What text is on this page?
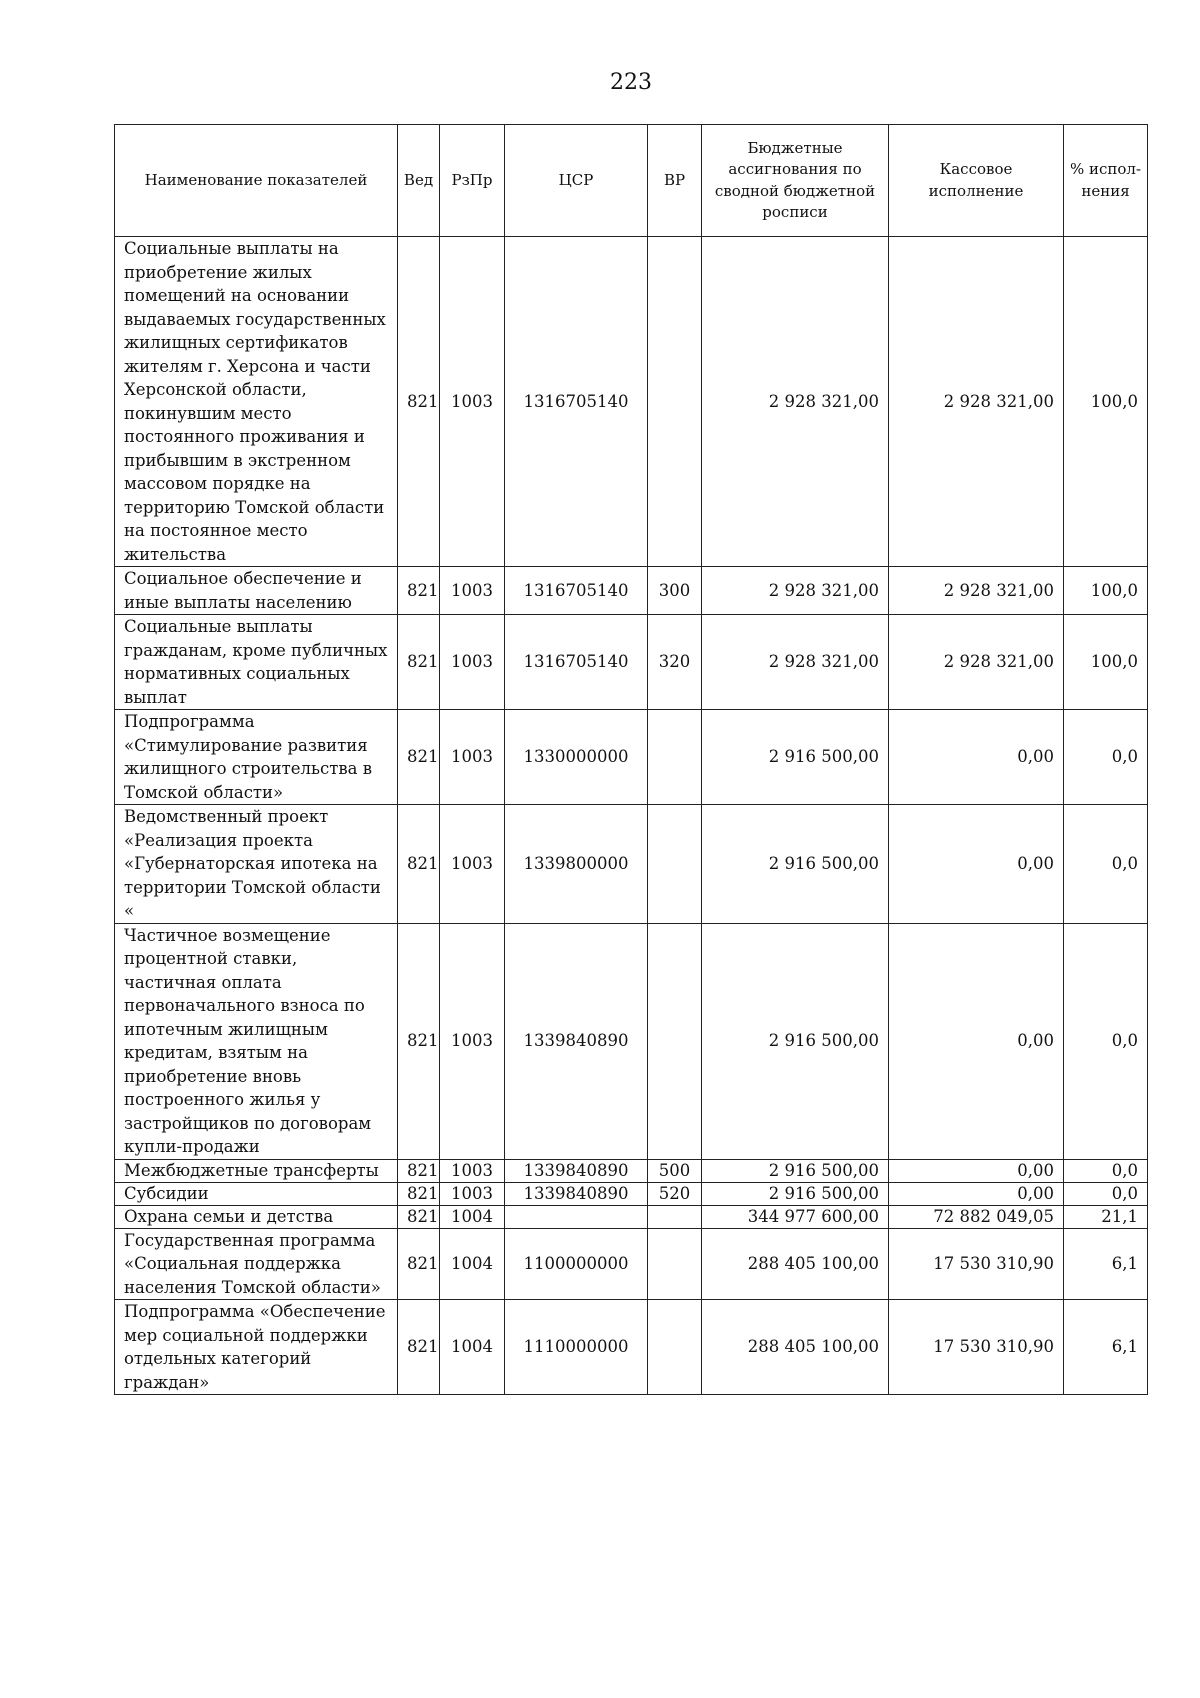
223
Наименование показателей	Вед	РзПр	ЦСР	ВР	Бюджетные ассигнования по сводной бюджетной росписи	Кассовое исполнение	% испол-нения
Социальные выплаты на приобретение жилых помещений на основании выдаваемых государственных жилищных сертификатов жителям г. Херсона и части Херсонской области, покинувшим место постоянного проживания и прибывшим в экстренном массовом порядке на территорию Томской области на постоянное место жительства	821	1003	1316705140		2 928 321,00	2 928 321,00	100,0
Социальное обеспечение и иные выплаты населению	821	1003	1316705140	300	2 928 321,00	2 928 321,00	100,0
Социальные выплаты гражданам, кроме публичных нормативных социальных выплат	821	1003	1316705140	320	2 928 321,00	2 928 321,00	100,0
Подпрограмма «Стимулирование развития жилищного строительства в Томской области»	821	1003	1330000000		2 916 500,00	0,00	0,0
Ведомственный проект «Реализация проекта «Губернаторская ипотека на территории Томской области «	821	1003	1339800000		2 916 500,00	0,00	0,0
Частичное возмещение процентной ставки, частичная оплата первоначального взноса по ипотечным жилищным кредитам, взятым на приобретение вновь построенного жилья у застройщиков по договорам купли-продажи	821	1003	1339840890		2 916 500,00	0,00	0,0
Межбюджетные трансферты	821	1003	1339840890	500	2 916 500,00	0,00	0,0
Субсидии	821	1003	1339840890	520	2 916 500,00	0,00	0,0
Охрана семьи и детства	821	1004			344 977 600,00	72 882 049,05	21,1
Государственная программа «Социальная поддержка населения Томской области»	821	1004	1100000000		288 405 100,00	17 530 310,90	6,1
Подпрограмма «Обеспечение мер социальной поддержки отдельных категорий граждан»	821	1004	1110000000		288 405 100,00	17 530 310,90	6,1
